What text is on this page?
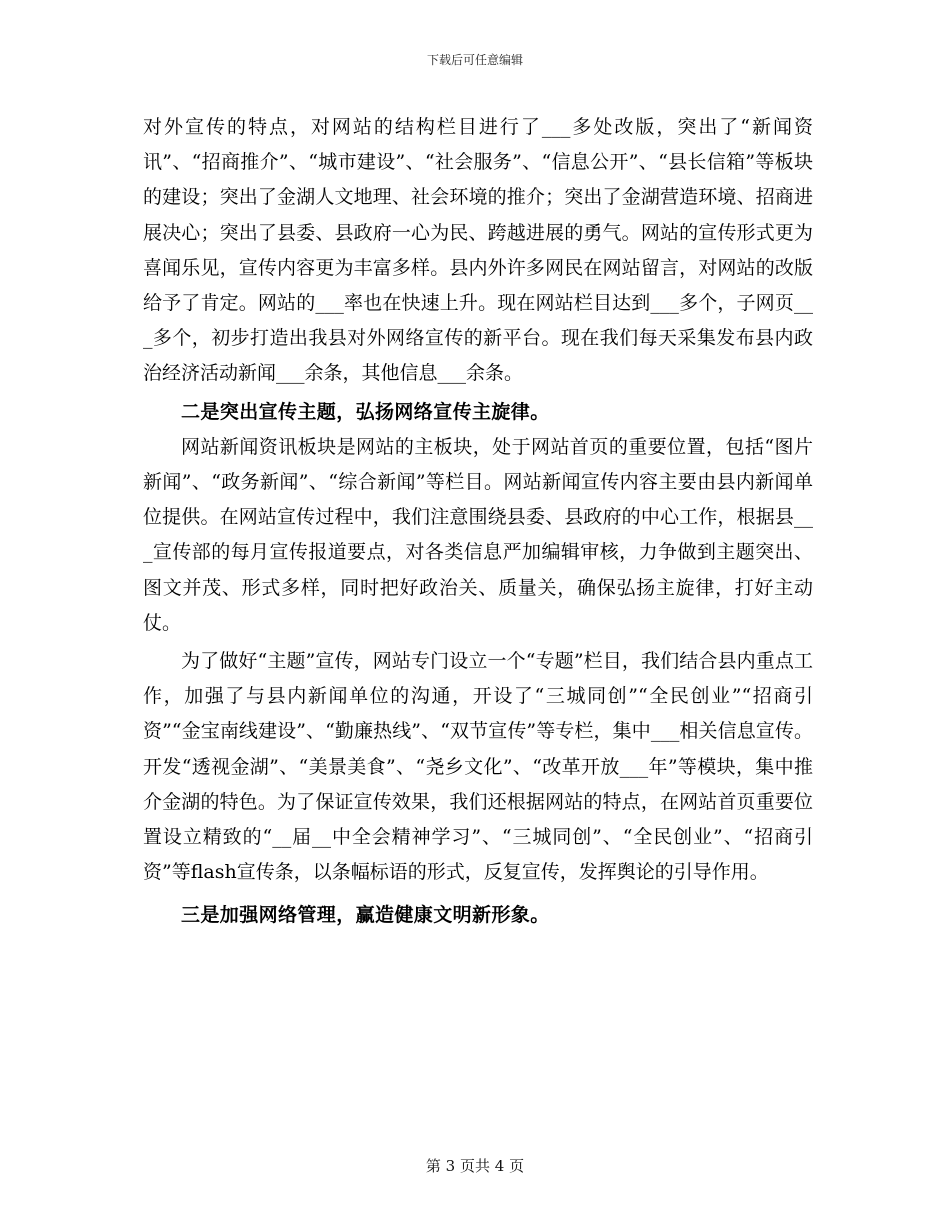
下载后可任意编辑

对外宣传的特点，对网站的结构栏目进行了___多处改版，突出了“新闻资讯”、“招商推介”、“城市建设”、“社会服务”、“信息公开”、“县长信箱”等板块的建设；突出了金湖人文地理、社会环境的推介；突出了金湖营造环境、招商进展决心；突出了县委、县政府一心为民、跨越进展的勇气。网站的宣传形式更为喜闻乐见，宣传内容更为丰富多样。县内外许多网民在网站留言，对网站的改版给予了肯定。网站的___率也在快速上升。现在网站栏目达到___多个，子网页___多个，初步打造出我县对外网络宣传的新平台。现在我们每天采集发布县内政治经济活动新闻___余条，其他信息___余条。

二是突出宣传主题，弘扬网络宣传主旋律。

网站新闻资讯板块是网站的主板块，处于网站首页的重要位置，包括“图片新闻”、“政务新闻”、“综合新闻”等栏目。网站新闻宣传内容主要由县内新闻单位提供。在网站宣传过程中，我们注意围绕县委、县政府的中心工作，根据县___宣传部的每月宣传报道要点，对各类信息严加编辑审核，力争做到主题突出、图文并茂、形式多样，同时把好政治关、质量关，确保弘扬主旋律，打好主动仗。

为了做好“主题”宣传，网站专门设立一个“专题”栏目，我们结合县内重点工作，加强了与县内新闻单位的沟通，开设了“三城同创”“全民创业”“招商引资”“金宝南线建设”、“勤廉热线”、“双节宣传”等专栏，集中___相关信息宣传。开发“透视金湖”、“美景美食”、“尧乡文化”、“改革开放___年”等模块，集中推介金湖的特色。为了保证宣传效果，我们还根据网站的特点，在网站首页重要位置设立精致的“__届__中全会精神学习”、“三城同创”、“全民创业”、“招商引资”等flash宣传条，以条幅标语的形式，反复宣传，发挥舆论的引导作用。

三是加强网络管理，赢造健康文明新形象。

第 3 页共 4 页
